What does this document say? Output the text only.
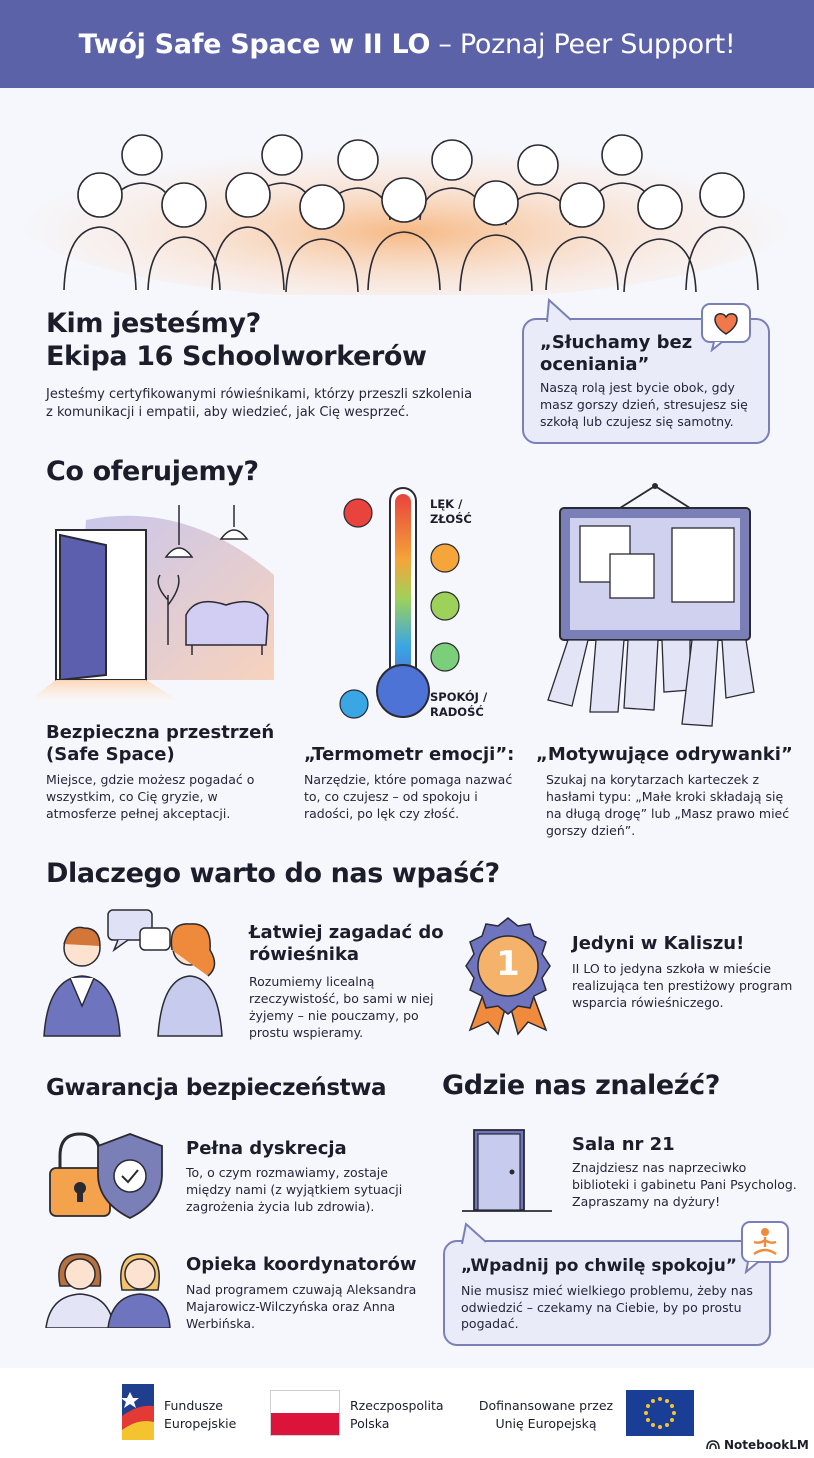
Twój Safe Space w II LO – Poznaj Peer Support!
Kim jesteśmy?
Ekipa 16 Schoolworkerów

Jesteśmy certyfikowanymi rówieśnikami, którzy przeszli szkolenia z komunikacji i empatii, aby wiedzieć, jak Cię wesprzeć.

„Słuchamy bez oceniania”

Naszą rolą jest bycie obok, gdy masz gorszy dzień, stresujesz się szkołą lub czujesz się samotny.

Co oferujemy?
LĘK / ZŁOŚĆ
SPOKÓJ / RADOŚĆ
Bezpieczna przestrzeń (Safe Space)

Miejsce, gdzie możesz pogadać o wszystkim, co Cię gryzie, w atmosferze pełnej akceptacji.

„Termometr emocji”:

Narzędzie, które pomaga nazwać to, co czujesz – od spokoju i radości, po lęk czy złość.

„Motywujące odrywanki”

Szukaj na korytarzach karteczek z hasłami typu: „Małe kroki składają się na długą drogę” lub „Masz prawo mieć gorszy dzień”.

Dlaczego warto do nas wpaść?
Łatwiej zagadać do rówieśnika

Rozumiemy licealną rzeczywistość, bo sami w niej żyjemy – nie pouczamy, po prostu wspieramy.

1
Jedyni w Kaliszu!

II LO to jedyna szkoła w mieście realizująca ten prestiżowy program wsparcia rówieśniczego.

Gwarancja bezpieczeństwa
Pełna dyskrecja

To, o czym rozmawiamy, zostaje między nami (z wyjątkiem sytuacji zagrożenia życia lub zdrowia).

Opieka koordynatorów

Nad programem czuwają Aleksandra Majarowicz-Wilczyńska oraz Anna Werbińska.

Gdzie nas znaleźć?
Sala nr 21

Znajdziesz nas naprzeciwko biblioteki i gabinetu Pani Psycholog. Zapraszamy na dyżury!

„Wpadnij po chwilę spokoju”

Nie musisz mieć wielkiego problemu, żeby nas odwiedzić – czekamy na Ciebie, by po prostu pogadać.

Fundusze
Europejskie
Rzeczpospolita
Polska
Dofinansowane przez
Unię Europejską
NotebookLM
